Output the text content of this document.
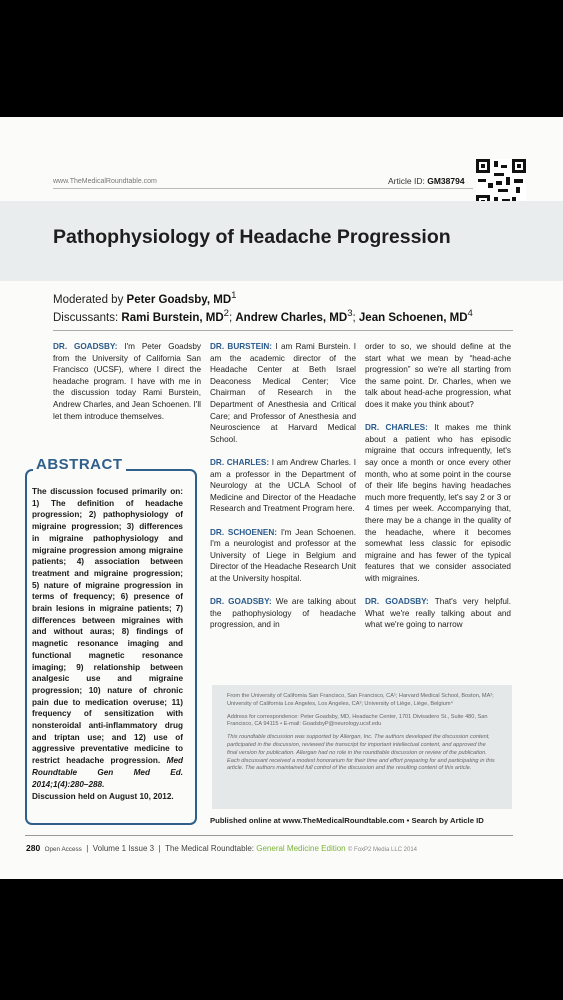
www.TheMedicalRoundtable.com	Article ID: GM38794
Pathophysiology of Headache Progression
Moderated by Peter Goadsby, $MD^1$
Discussants: Rami Burstein, $MD^2$; Andrew Charles, $MD^3$; Jean Schoenen, $MD^4$

DR. GOADSBY: I'm Peter Goadsby from the University of California San Francisco (UCSF), where I direct the headache program. I have with me in the discussion today Rami Burstein, Andrew Charles, and Jean Schoenen. I'll let them introduce themselves.

ABSTRACT
The discussion focused primarily on: 1) The definition of headache progression; 2) pathophysiology of migraine progression; 3) differences in migraine pathophysiology and migraine progression among migraine patients; 4) association between treatment and migraine progression; 5) nature of migraine progression in terms of frequency; 6) presence of brain lesions in migraine patients; 7) differences between migraines with and without auras; 8) findings of magnetic resonance imaging and functional magnetic resonance imaging; 9) relationship between analgesic use and migraine progression; 10) nature of chronic pain due to medication overuse; 11) frequency of sensitization with nonsteroidal anti-inflammatory drug and triptan use; and 12) use of aggressive preventative medicine to restrict headache progression. Med Roundtable Gen Med Ed. 2014;1(4):280–288.
Discussion held on August 10, 2012.

DR. BURSTEIN: I am Rami Burstein. I am the academic director of the Headache Center at Beth Israel Deaconess Medical Center; Vice Chairman of Research in the Department of Anesthesia and Critical Care; and Professor of Anesthesia and Neuroscience at Harvard Medical School.

DR. CHARLES: I am Andrew Charles. I am a professor in the Department of Neurology at the UCLA School of Medicine and Director of the Headache Research and Treatment Program here.

DR. SCHOENEN: I'm Jean Schoenen. I'm a neurologist and professor at the University of Liege in Belgium and Director of the Headache Research Unit at the University hospital.

DR. GOADSBY: We are talking about the pathophysiology of headache progression, and in

order to so, we should define at the start what we mean by “head-ache progression” so we're all starting from the same point. Dr. Charles, when we talk about head-ache progression, what does it make you think about?

DR. CHARLES: It makes me think about a patient who has episodic migraine that occurs infrequently, let's say once a month or once every other month, who at some point in the course of their life begins having headaches much more frequently, let's say 2 or 3 or 4 times per week. Accompanying that, there may be a change in the quality of the headache, where it becomes somewhat less classic for episodic migraine and has fewer of the typical features that we consider associated with migraines.

DR. GOADSBY: That's very helpful. What we're really talking about and what we're going to narrow

From the University of California San Francisco, San Francisco, CA¹; Harvard Medical School, Boston, MA²; University of California Los Angeles, Los Angeles, CA³; University of Liège, Liège, Belgium⁴

Address for correspondence: Peter Goadsby, MD, Headache Center, 1701 Divisadero St., Suite 480, San Francisco, CA 94115 • E-mail: GoadsbyP@neurology.ucsf.edu

This roundtable discussion was supported by Allergan, Inc. The authors developed the discussion content, participated in the discussion, reviewed the transcript for important intellectual content, and approved the final version for publication. Allergan had no role in the roundtable discussion or review of the publication. Each discussant received a modest honorarium for their time and effort preparing for and participating in this article. The authors maintained full control of the discussion and the resulting content of this article.

Published online at www.TheMedicalRoundtable.com • Search by Article ID
280 Open Access  |  Volume 1 Issue 3  |  The Medical Roundtable: General Medicine Edition © FoxP2 Media LLC 2014
